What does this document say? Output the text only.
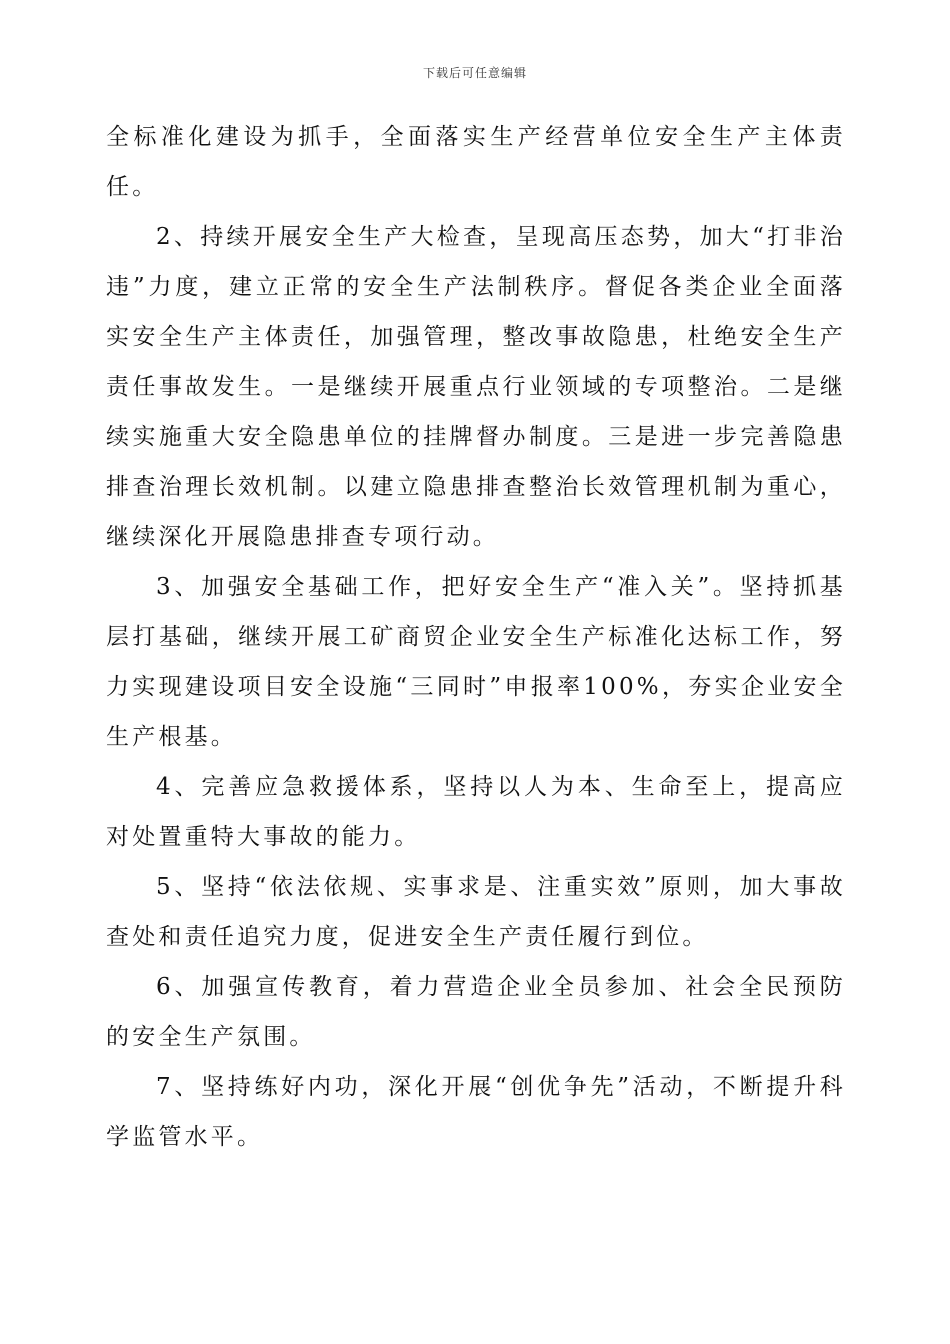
下载后可任意编辑

全标准化建设为抓手，全面落实生产经营单位安全生产主体责任。

2、持续开展安全生产大检查，呈现高压态势，加大“打非治违”力度，建立正常的安全生产法制秩序。督促各类企业全面落实安全生产主体责任，加强管理，整改事故隐患，杜绝安全生产责任事故发生。一是继续开展重点行业领域的专项整治。二是继续实施重大安全隐患单位的挂牌督办制度。三是进一步完善隐患排查治理长效机制。以建立隐患排查整治长效管理机制为重心，继续深化开展隐患排查专项行动。

3、加强安全基础工作，把好安全生产“准入关”。坚持抓基层打基础，继续开展工矿商贸企业安全生产标准化达标工作，努力实现建设项目安全设施“三同时”申报率100%，夯实企业安全生产根基。

4、完善应急救援体系，坚持以人为本、生命至上，提高应对处置重特大事故的能力。

5、坚持“依法依规、实事求是、注重实效”原则，加大事故查处和责任追究力度，促进安全生产责任履行到位。

6、加强宣传教育，着力营造企业全员参加、社会全民预防的安全生产氛围。

7、坚持练好内功，深化开展“创优争先”活动，不断提升科学监管水平。
